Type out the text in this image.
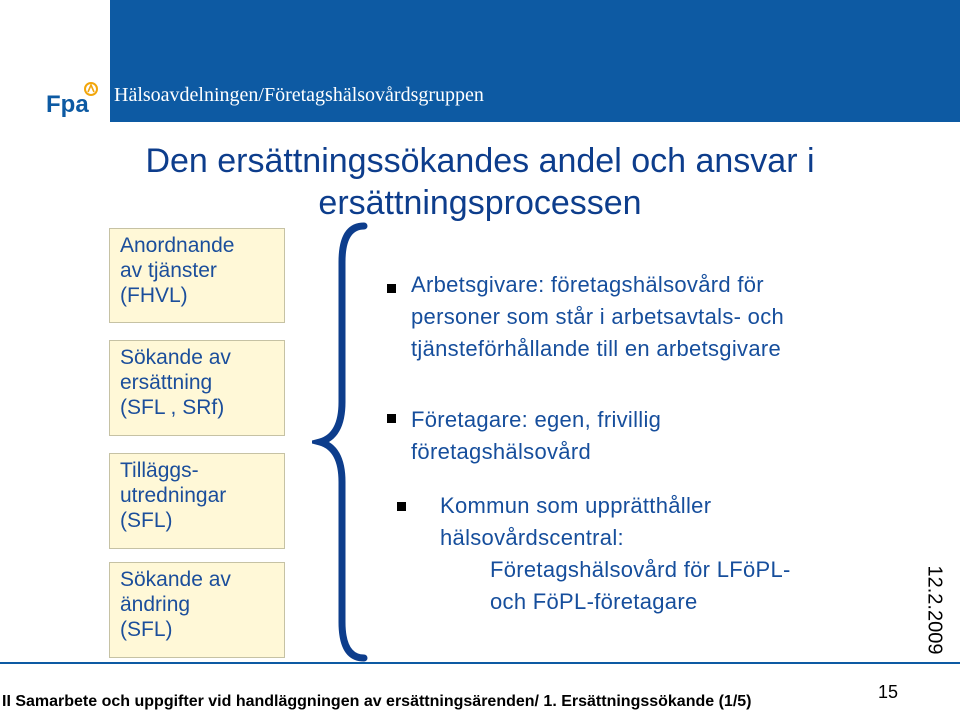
Fpa Hälsoavdelningen/Företagshälsovårdsgruppen
Den ersättningssökandes andel och ansvar i
ersättningsprocessen
Anordnande
av tjänster
(FHVL)
Sökande av
ersättning
(SFL , SRf)
Tilläggs-
utredningar
(SFL)
Sökande av
ändring
(SFL)
Arbetsgivare: företagshälsovård för
personer som står i arbetsavtals- och
tjänsteförhållande till en arbetsgivare
Företagare: egen, frivillig
företagshälsovård
Kommun som upprätthåller
hälsovårdscentral:
Företagshälsovård för LFöPL-
och FöPL-företagare	12.2.2009
15
II Samarbete och uppgifter vid handläggningen av ersättningsärenden/ 1. Ersättningssökande (1/5)
